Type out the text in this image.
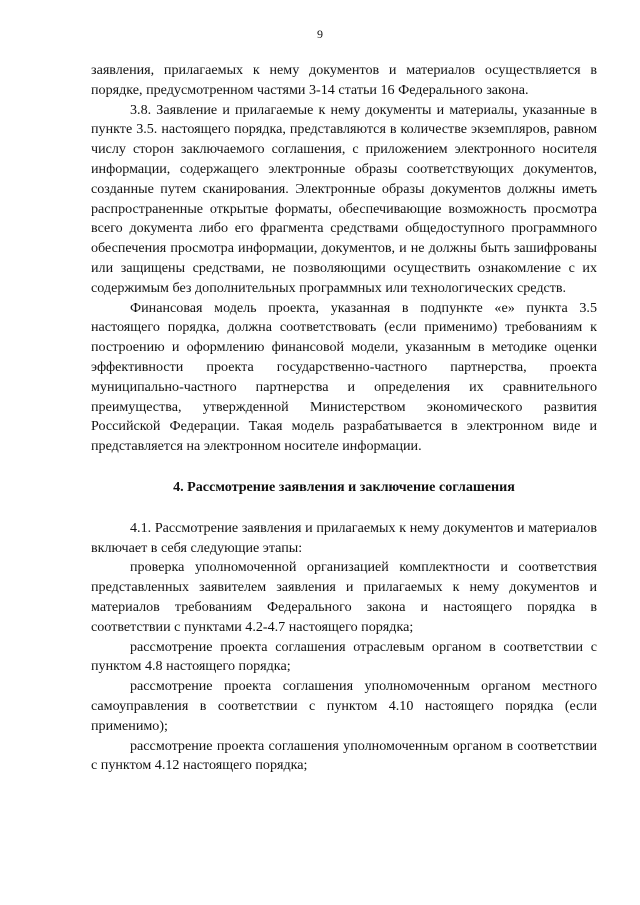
9

заявления, прилагаемых к нему документов и материалов осуществляется в порядке, предусмотренном частями 3-14 статьи 16 Федерального закона.

3.8. Заявление и прилагаемые к нему документы и материалы, указанные в пункте 3.5. настоящего порядка, представляются в количестве экземпляров, равном числу сторон заключаемого соглашения, с приложением электронного носителя информации, содержащего электронные образы соответствующих документов, созданные путем сканирования. Электронные образы документов должны иметь распространенные открытые форматы, обеспечивающие возможность просмотра всего документа либо его фрагмента средствами общедоступного программного обеспечения просмотра информации, документов, и не должны быть зашифрованы или защищены средствами, не позволяющими осуществить ознакомление с их содержимым без дополнительных программных или технологических средств.

Финансовая модель проекта, указанная в подпункте «е» пункта 3.5 настоящего порядка, должна соответствовать (если применимо) требованиям к построению и оформлению финансовой модели, указанным в методике оценки эффективности проекта государственно-частного партнерства, проекта муниципально-частного партнерства и определения их сравнительного преимущества, утвержденной Министерством экономического развития Российской Федерации. Такая модель разрабатывается в электронном виде и представляется на электронном носителе информации.

4. Рассмотрение заявления и заключение соглашения

4.1. Рассмотрение заявления и прилагаемых к нему документов и материалов включает в себя следующие этапы:

проверка уполномоченной организацией комплектности и соответствия представленных заявителем заявления и прилагаемых к нему документов и материалов требованиям Федерального закона и настоящего порядка в соответствии с пунктами 4.2-4.7 настоящего порядка;

рассмотрение проекта соглашения отраслевым органом в соответствии с пунктом 4.8 настоящего порядка;

рассмотрение проекта соглашения уполномоченным органом местного самоуправления в соответствии с пунктом 4.10 настоящего порядка (если применимо);

рассмотрение проекта соглашения уполномоченным органом в соответствии с пунктом 4.12 настоящего порядка;
